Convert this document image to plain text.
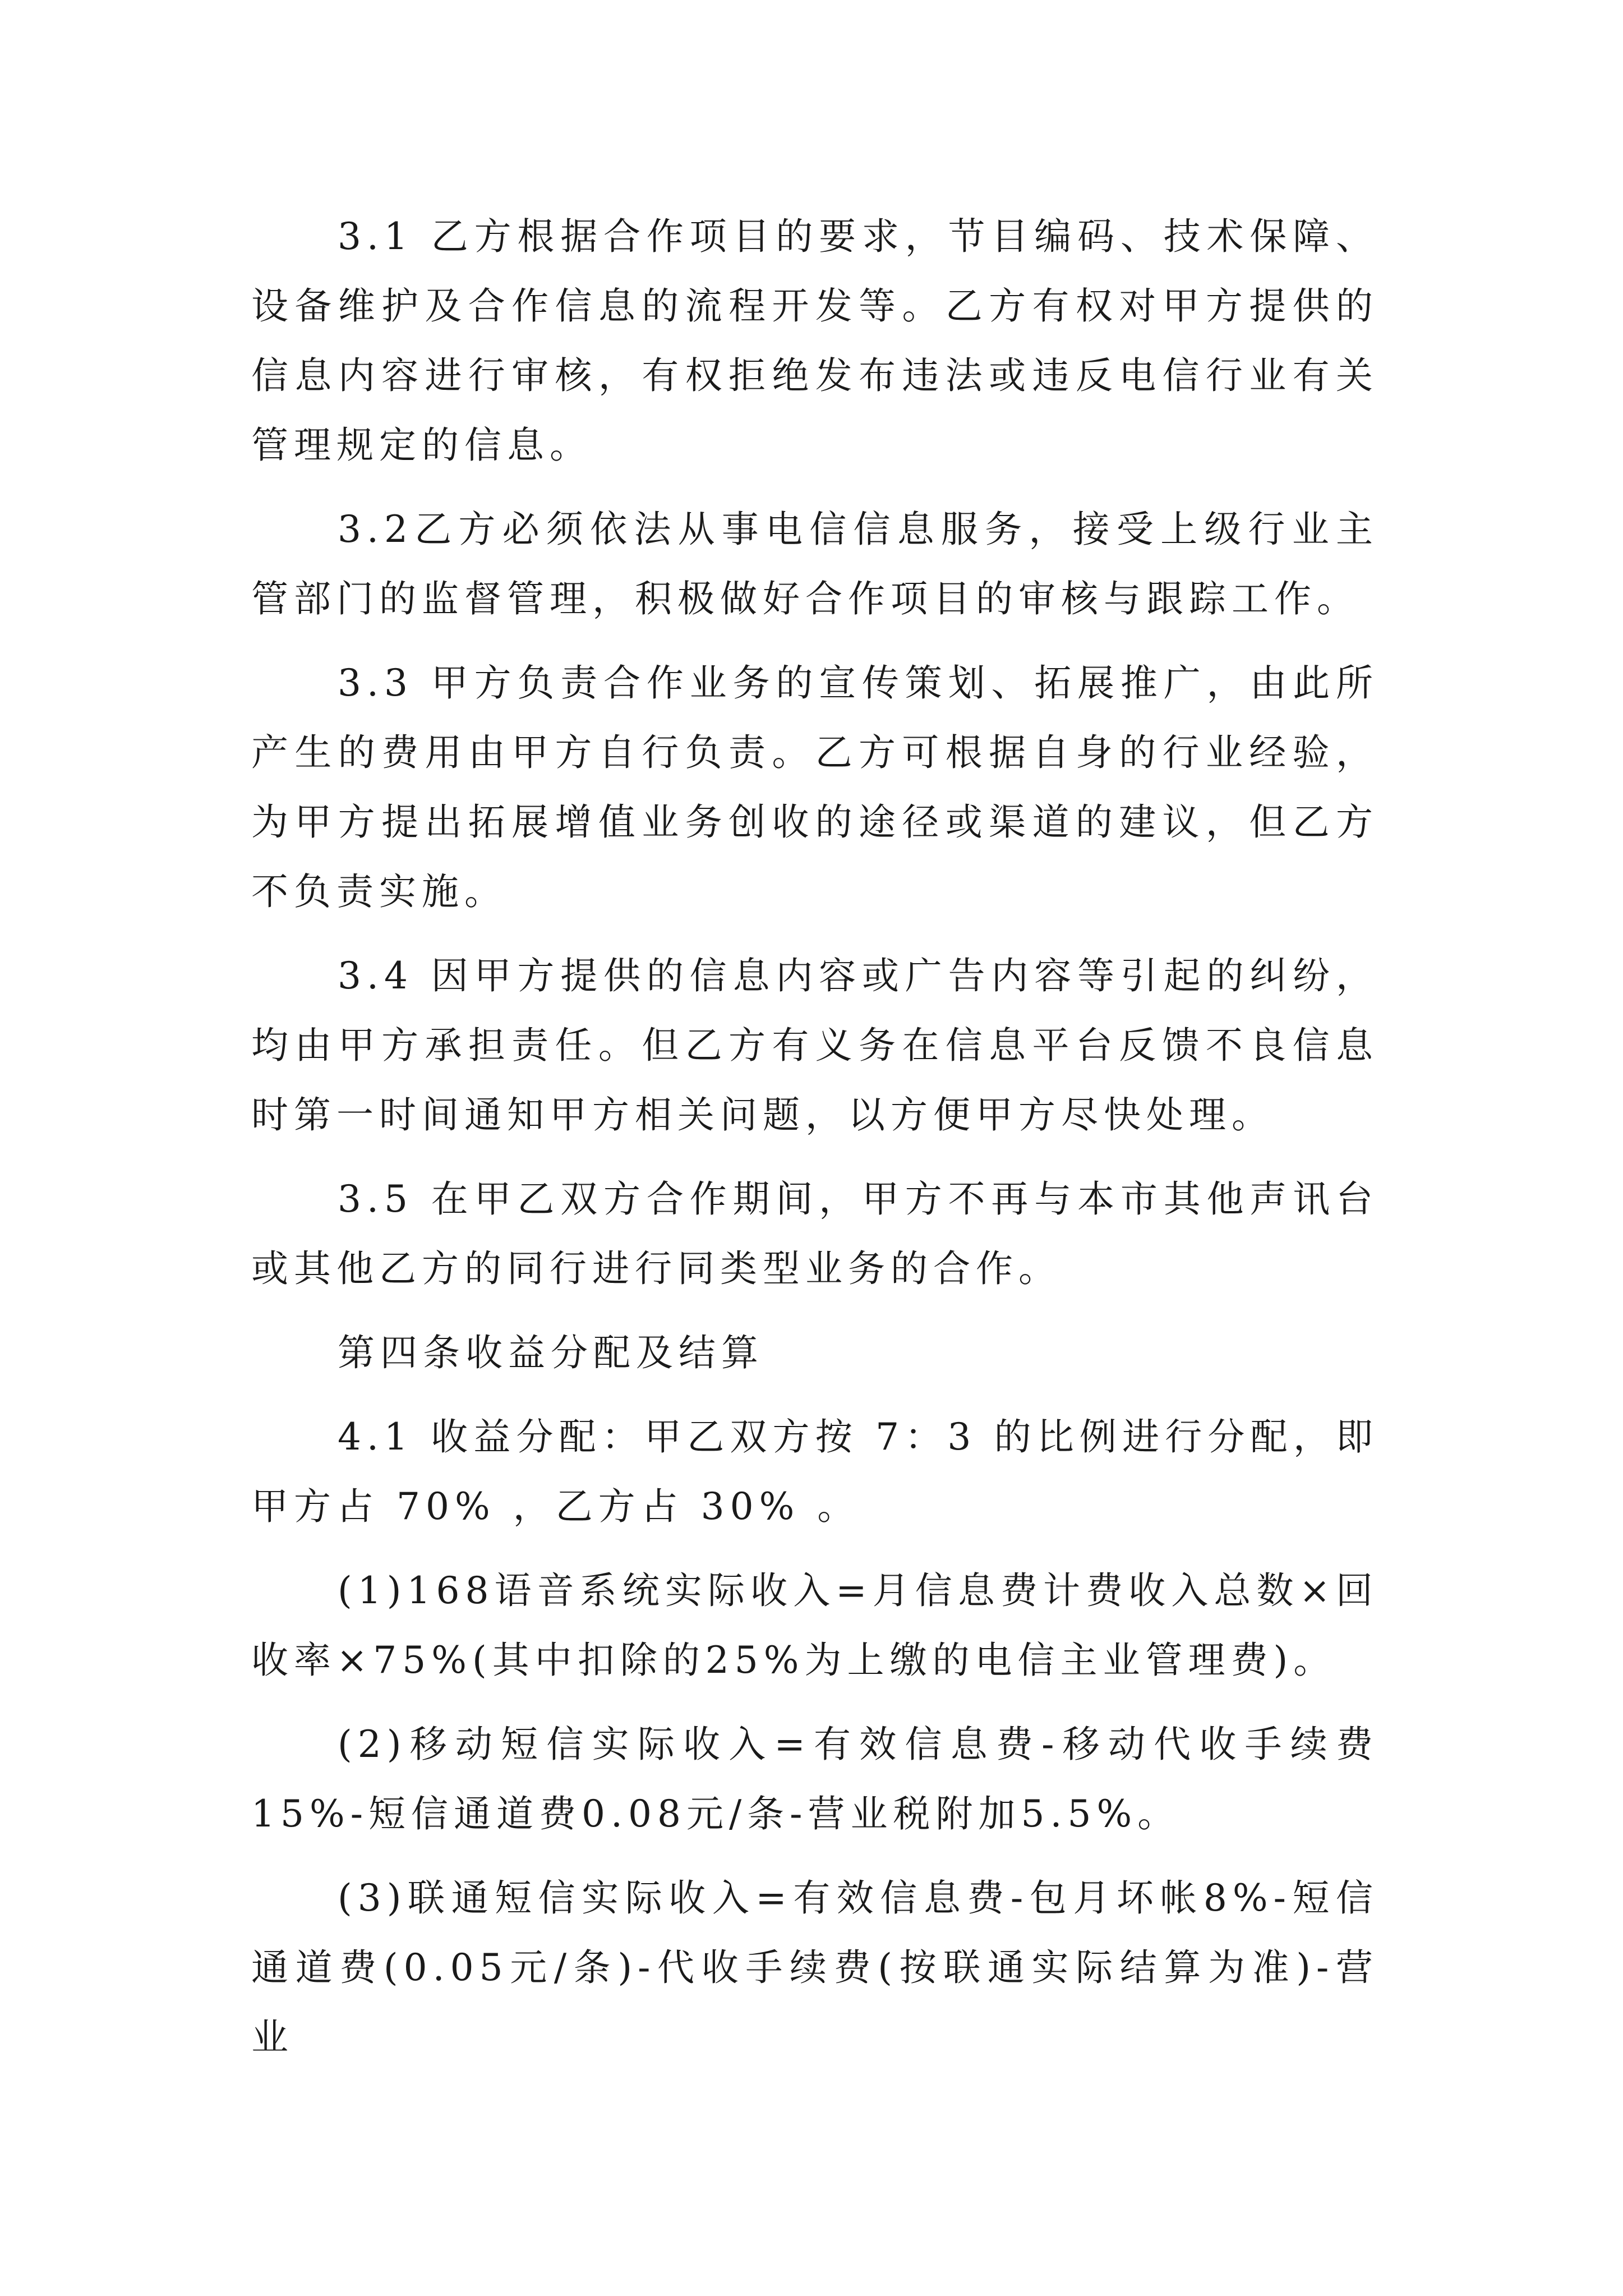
3.1 乙方根据合作项目的要求，节目编码、技术保障、设备维护及合作信息的流程开发等。乙方有权对甲方提供的信息内容进行审核，有权拒绝发布违法或违反电信行业有关管理规定的信息。

3.2乙方必须依法从事电信信息服务，接受上级行业主管部门的监督管理，积极做好合作项目的审核与跟踪工作。

3.3 甲方负责合作业务的宣传策划、拓展推广，由此所产生的费用由甲方自行负责。乙方可根据自身的行业经验，为甲方提出拓展增值业务创收的途径或渠道的建议，但乙方不负责实施。

3.4 因甲方提供的信息内容或广告内容等引起的纠纷，均由甲方承担责任。但乙方有义务在信息平台反馈不良信息时第一时间通知甲方相关问题，以方便甲方尽快处理。

3.5 在甲乙双方合作期间，甲方不再与本市其他声讯台或其他乙方的同行进行同类型业务的合作。

第四条收益分配及结算

4.1 收益分配：甲乙双方按 7：3 的比例进行分配，即甲方占 70% ，乙方占 30% 。

(1)168语音系统实际收入=月信息费计费收入总数×回收率×75%(其中扣除的25%为上缴的电信主业管理费)。

(2)移动短信实际收入=有效信息费-移动代收手续费15%-短信通道费0.08元/条-营业税附加5.5%。

(3)联通短信实际收入=有效信息费-包月坏帐8%-短信通道费(0.05元/条)-代收手续费(按联通实际结算为准)-营业
